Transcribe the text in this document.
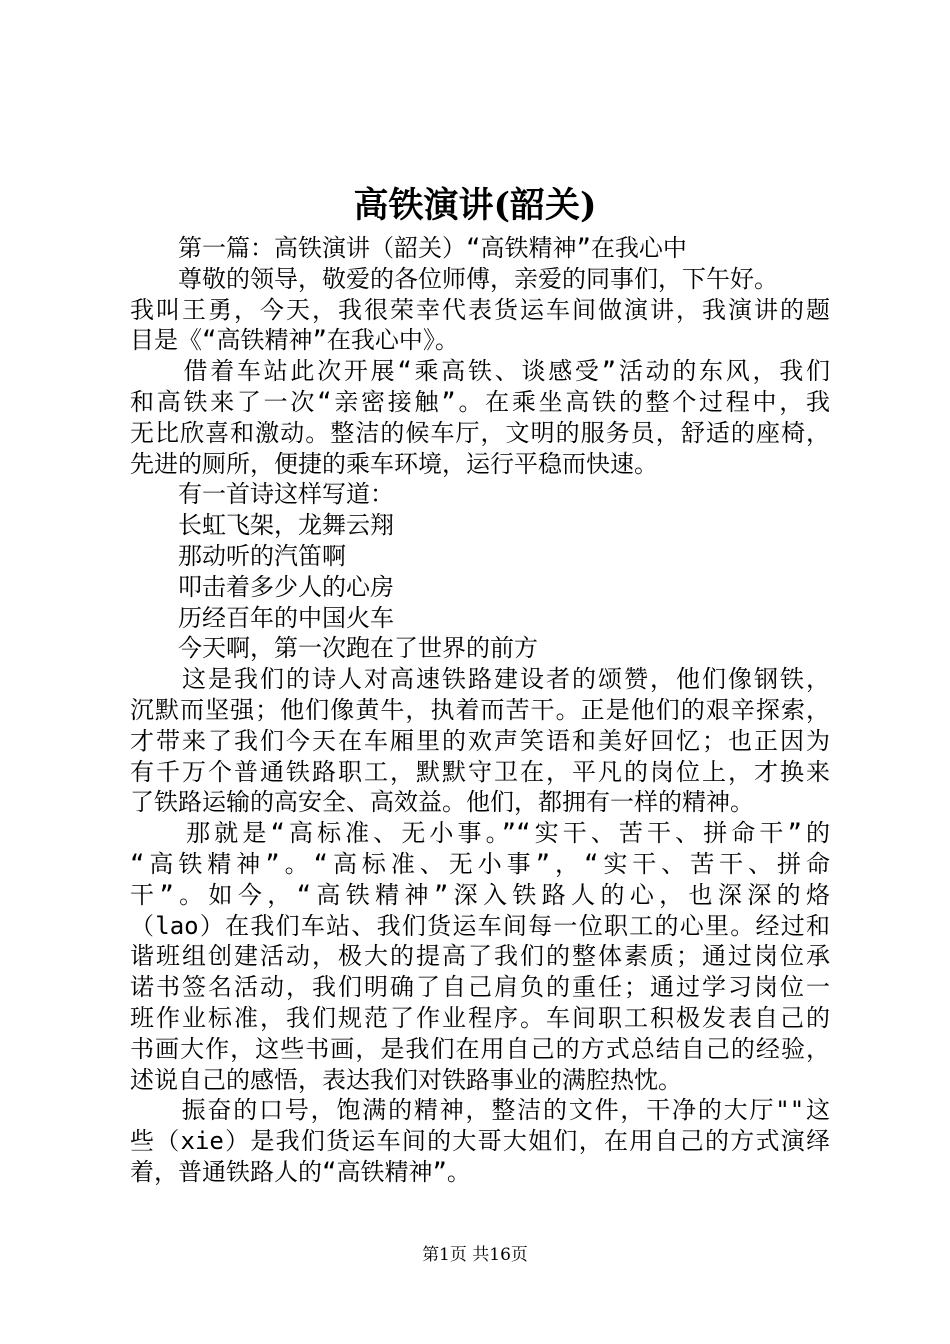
高铁演讲(韶关)
　　第一篇：高铁演讲（韶关）“高铁精神”在我心中
　　尊敬的领导，敬爱的各位师傅，亲爱的同事们，下午好。
我叫王勇，今天，我很荣幸代表货运车间做演讲，我演讲的题
目是《“高铁精神”在我心中》。
　　借着车站此次开展“乘高铁、谈感受”活动的东风，我们
和高铁来了一次“亲密接触”。在乘坐高铁的整个过程中，我
无比欣喜和激动。整洁的候车厅，文明的服务员，舒适的座椅，
先进的厕所，便捷的乘车环境，运行平稳而快速。
　　有一首诗这样写道：
　　长虹飞架，龙舞云翔
　　那动听的汽笛啊
　　叩击着多少人的心房
　　历经百年的中国火车
　　今天啊，第一次跑在了世界的前方
　　这是我们的诗人对高速铁路建设者的颂赞，他们像钢铁，
沉默而坚强；他们像黄牛，执着而苦干。正是他们的艰辛探索，
才带来了我们今天在车厢里的欢声笑语和美好回忆；也正因为
有千万个普通铁路职工，默默守卫在，平凡的岗位上，才换来
了铁路运输的高安全、高效益。他们，都拥有一样的精神。
　　那就是“高标准、无小事。”“实干、苦干、拼命干”的
“高铁精神”。“高标准、无小事”，“实干、苦干、拼命
干”。如今，“高铁精神”深入铁路人的心，也深深的烙
（lao）在我们车站、我们货运车间每一位职工的心里。经过和
谐班组创建活动，极大的提高了我们的整体素质；通过岗位承
诺书签名活动，我们明确了自己肩负的重任；通过学习岗位一
班作业标准，我们规范了作业程序。车间职工积极发表自己的
书画大作，这些书画，是我们在用自己的方式总结自己的经验，
述说自己的感悟，表达我们对铁路事业的满腔热忱。
　　振奋的口号，饱满的精神，整洁的文件，干净的大厅""这
些（xie）是我们货运车间的大哥大姐们，在用自己的方式演绎
着，普通铁路人的“高铁精神”。
第1页 共16页
